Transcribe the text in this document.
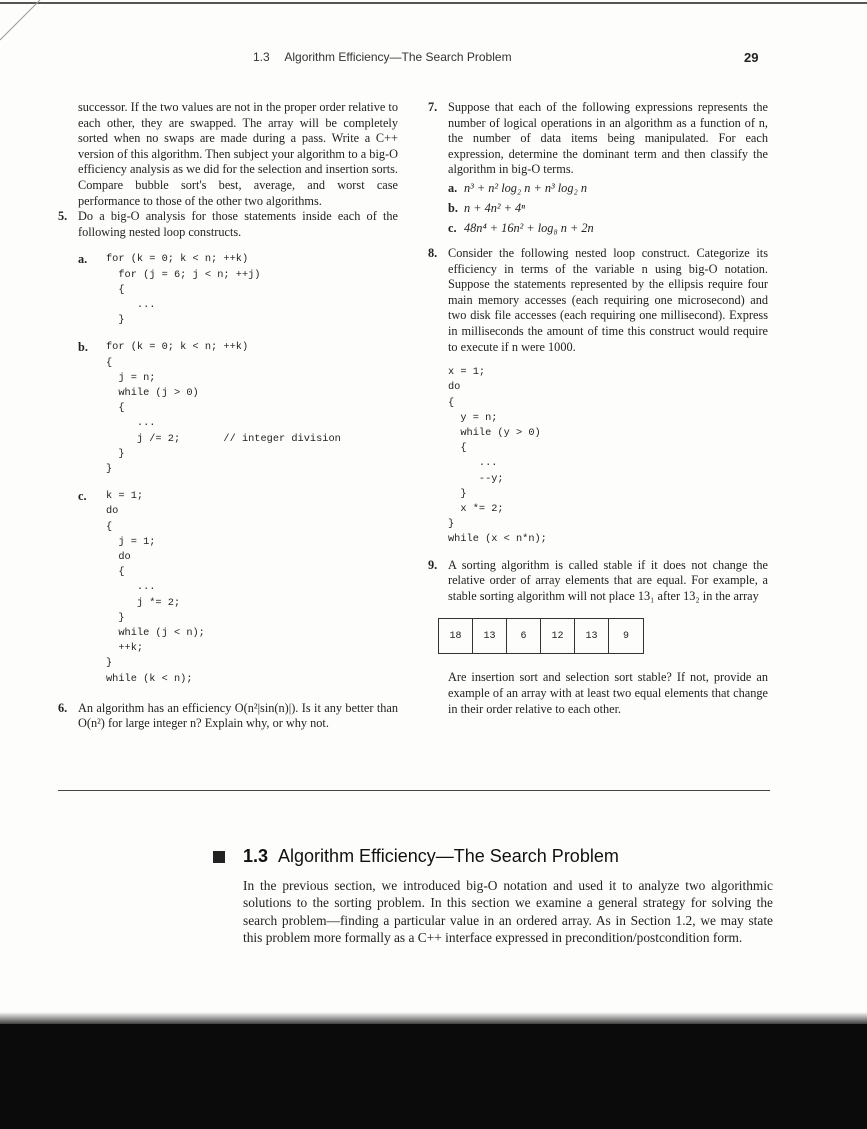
1.3 Algorithm Efficiency—The Search Problem	29

successor. If the two values are not in the proper order relative to each other, they are swapped. The array will be completely sorted when no swaps are made during a pass. Write a C++ version of this algorithm. Then subject your algorithm to a big-O efficiency analysis as we did for the selection and insertion sorts. Compare bubble sort's best, average, and worst case performance to those of the other two algorithms.

5. Do a big-O analysis for those statements inside each of the following nested loop constructs.
a.	for (k = 0; k < n; ++k)
for (j = 6; j < n; ++j)
{
...
}
b.	for (k = 0; k < n; ++k)
{
j = n;
while (j > 0)
{
...
j /= 2;       // integer division
}
}
c.	k = 1;
do
{
j = 1;
do
{
...
j *= 2;
}
while (j < n);
++k;
}
while (k < n);
6. An algorithm has an efficiency O(n²|sin(n)|). Is it any better than O(n²) for large integer n? Explain why, or why not.
7. Suppose that each of the following expressions represents the number of logical operations in an algorithm as a function of n, the number of data items being manipulated. For each expression, determine the dominant term and then classify the algorithm in big-O terms.
a. n³ + n² log₂ n + n³ log₂ n
b. n + 4n² + 4ⁿ
c. 48n⁴ + 16n² + log₈ n + 2n
8. Consider the following nested loop construct. Categorize its efficiency in terms of the variable n using big-O notation. Suppose the statements represented by the ellipsis require four main memory accesses (each requiring one microsecond) and two disk file accesses (each requiring one millisecond). Express in milliseconds the amount of time this construct would require to execute if n were 1000.
x = 1;
do
{
y = n;
while (y > 0)
{
...
--y;
}
x *= 2;
}
while (x < n*n);
9. A sorting algorithm is called stable if it does not change the relative order of array elements that are equal. For example, a stable sorting algorithm will not place 13₁ after 13₂ in the array
18	13	6	12	13	9

Are insertion sort and selection sort stable? If not, provide an example of an array with at least two equal elements that change in their order relative to each other.

1.3 Algorithm Efficiency—The Search Problem

In the previous section, we introduced big-O notation and used it to analyze two algorithmic solutions to the sorting problem. In this section we examine a general strategy for solving the search problem—finding a particular value in an ordered array. As in Section 1.2, we may state this problem more formally as a C++ interface expressed in precondition/postcondition form.
